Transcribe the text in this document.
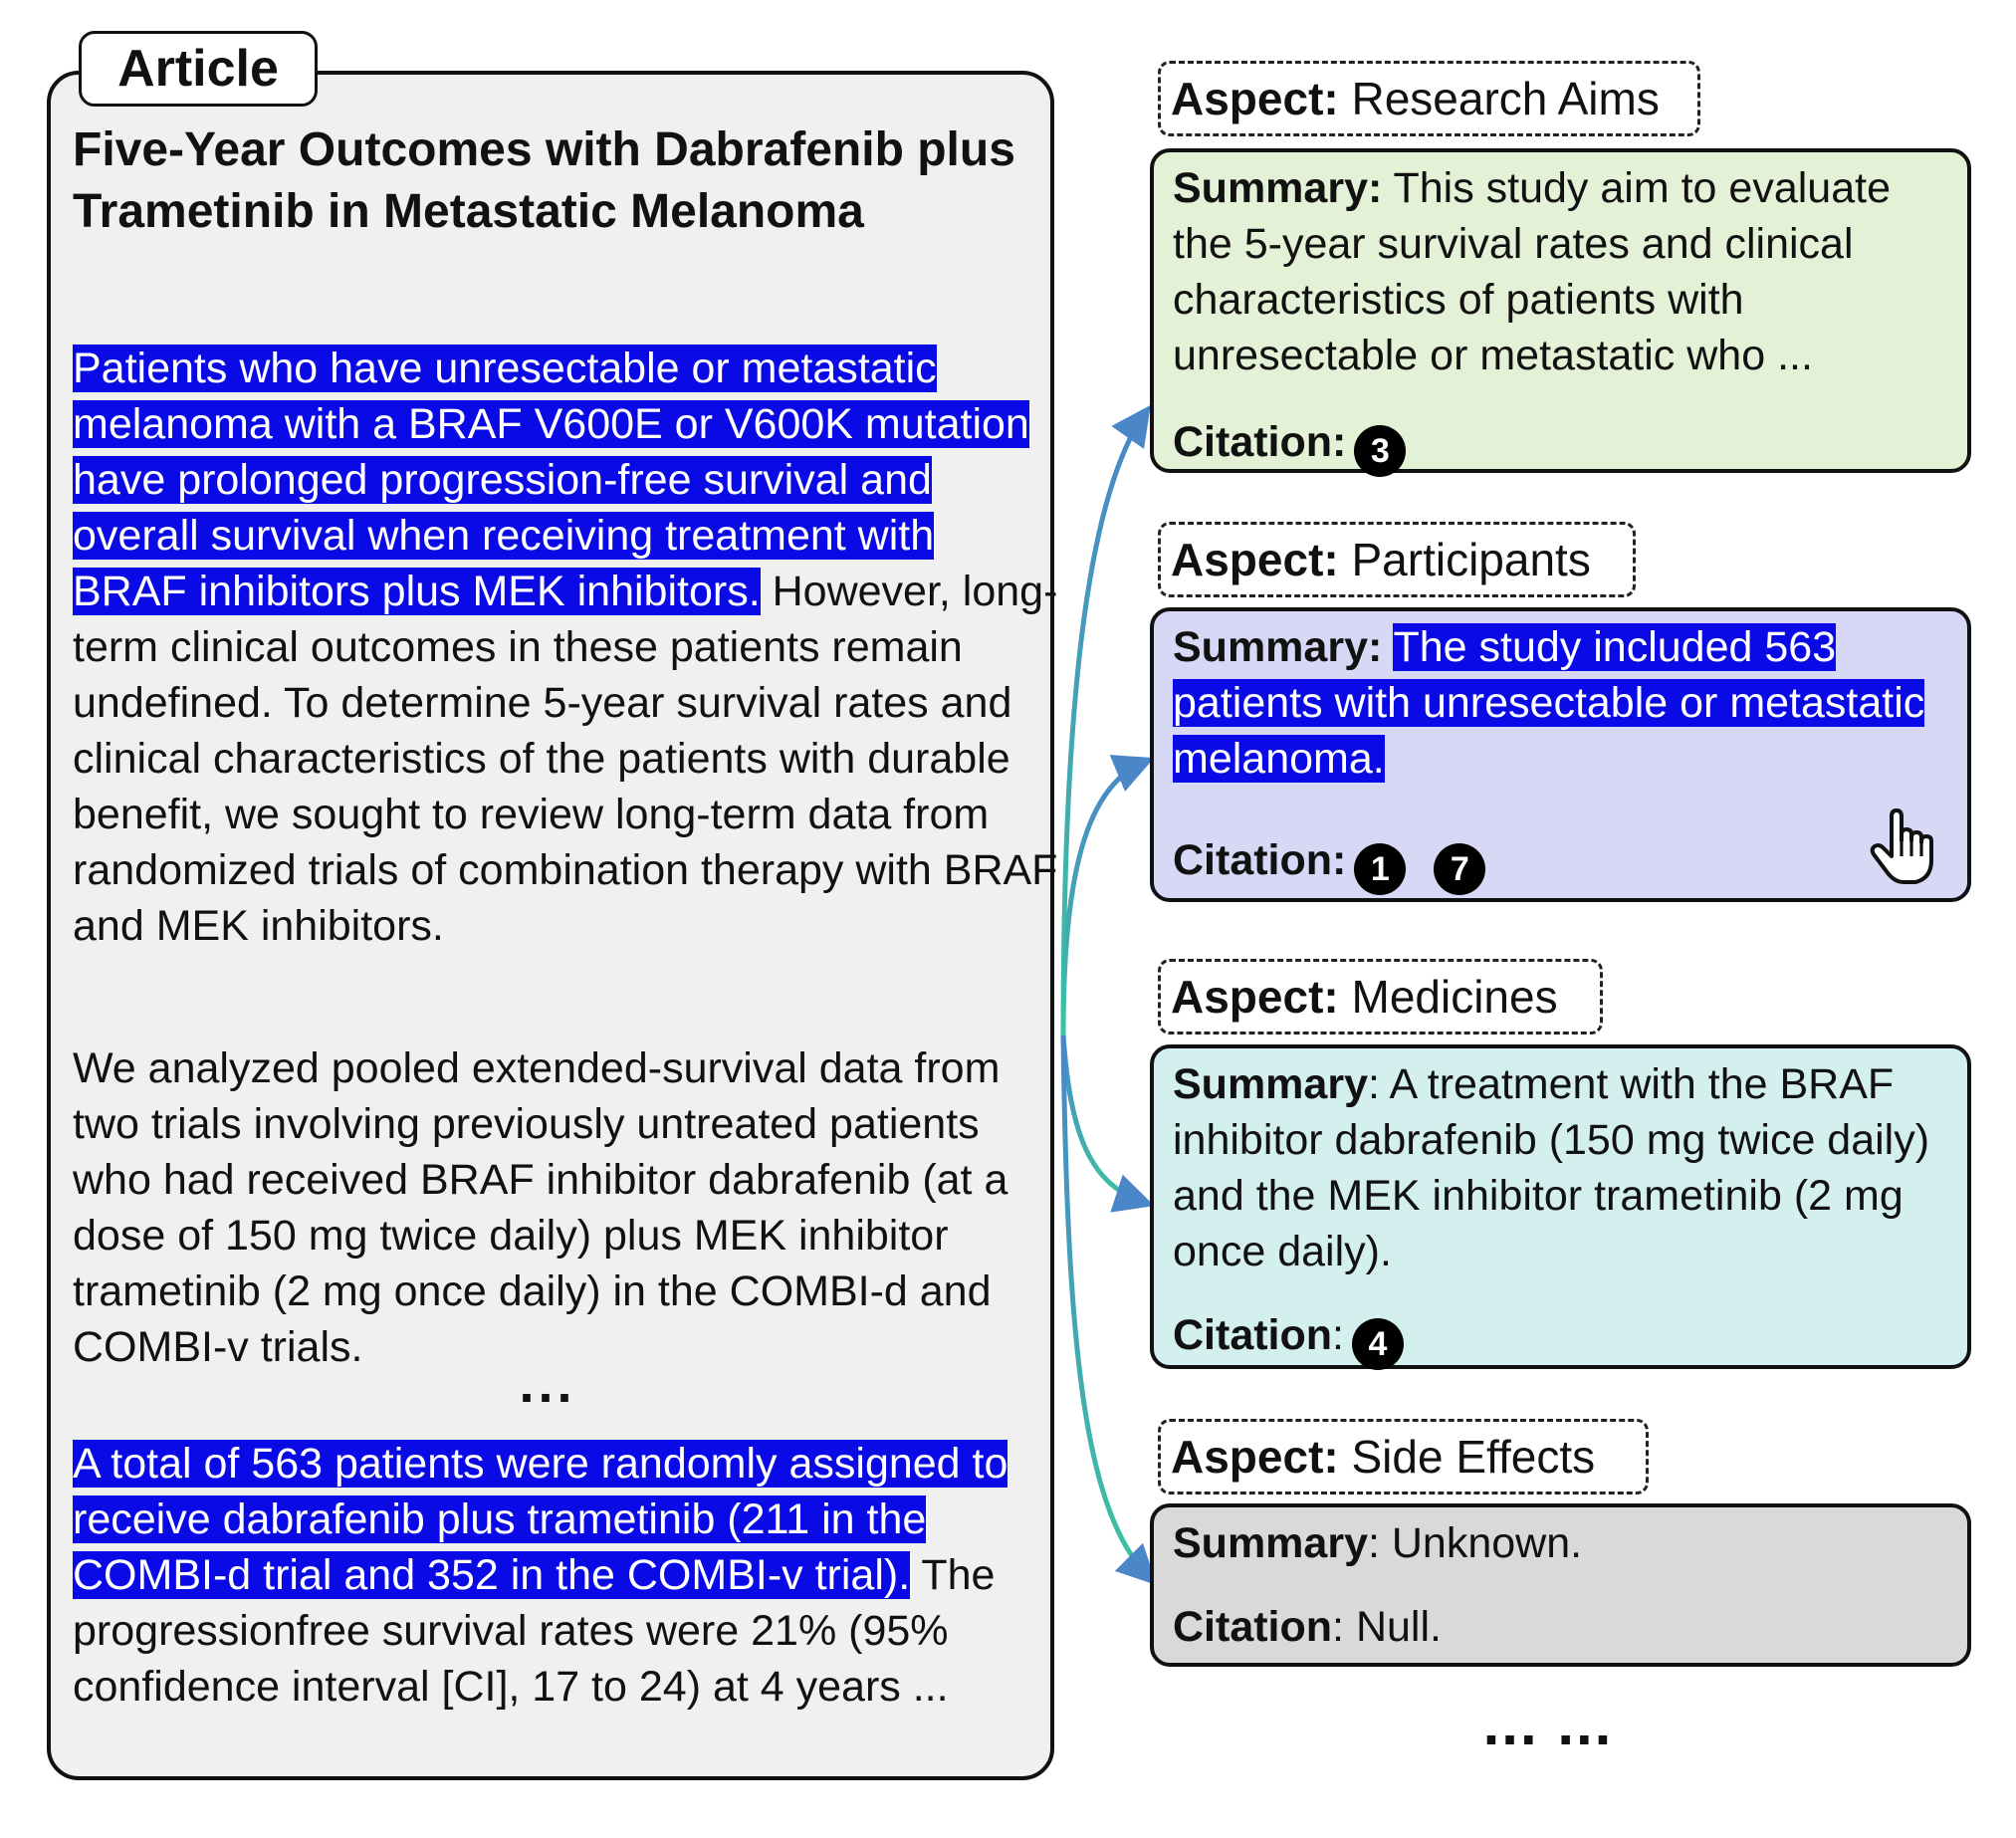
Article

Five-Year Outcomes with Dabrafenib plus Trametinib in Metastatic Melanoma

Patients who have unresectable or metastatic melanoma with a BRAF V600E or V600K mutation have prolonged progression-free survival and overall survival when receiving treatment with BRAF inhibitors plus MEK inhibitors. However, long-term clinical outcomes in these patients remain undefined. To determine 5-year survival rates and clinical characteristics of the patients with durable benefit, we sought to review long-term data from randomized trials of combination therapy with BRAF and MEK inhibitors.

We analyzed pooled extended-survival data from two trials involving previously untreated patients who had received BRAF inhibitor dabrafenib (at a dose of 150 mg twice daily) plus MEK inhibitor trametinib (2 mg once daily) in the COMBI-d and COMBI-v trials.

...

A total of 563 patients were randomly assigned to receive dabrafenib plus trametinib (211 in the COMBI-d trial and 352 in the COMBI-v trial). The progressionfree survival rates were 21% (95% confidence interval [CI], 17 to 24) at 4 years ...

Aspect: Research Aims

Summary: This study aim to evaluate the 5-year survival rates and clinical characteristics of patients with unresectable or metastatic who ...

Citation: 3
Aspect: Participants

Summary: The study included 563 patients with unresectable or metastatic melanoma.

Citation: 1 7
Aspect: Medicines

Summary: A treatment with the BRAF inhibitor dabrafenib (150 mg twice daily) and the MEK inhibitor trametinib (2 mg once daily).

Citation: 4
Aspect: Side Effects

Summary: Unknown.

Citation: Null.
... ...
